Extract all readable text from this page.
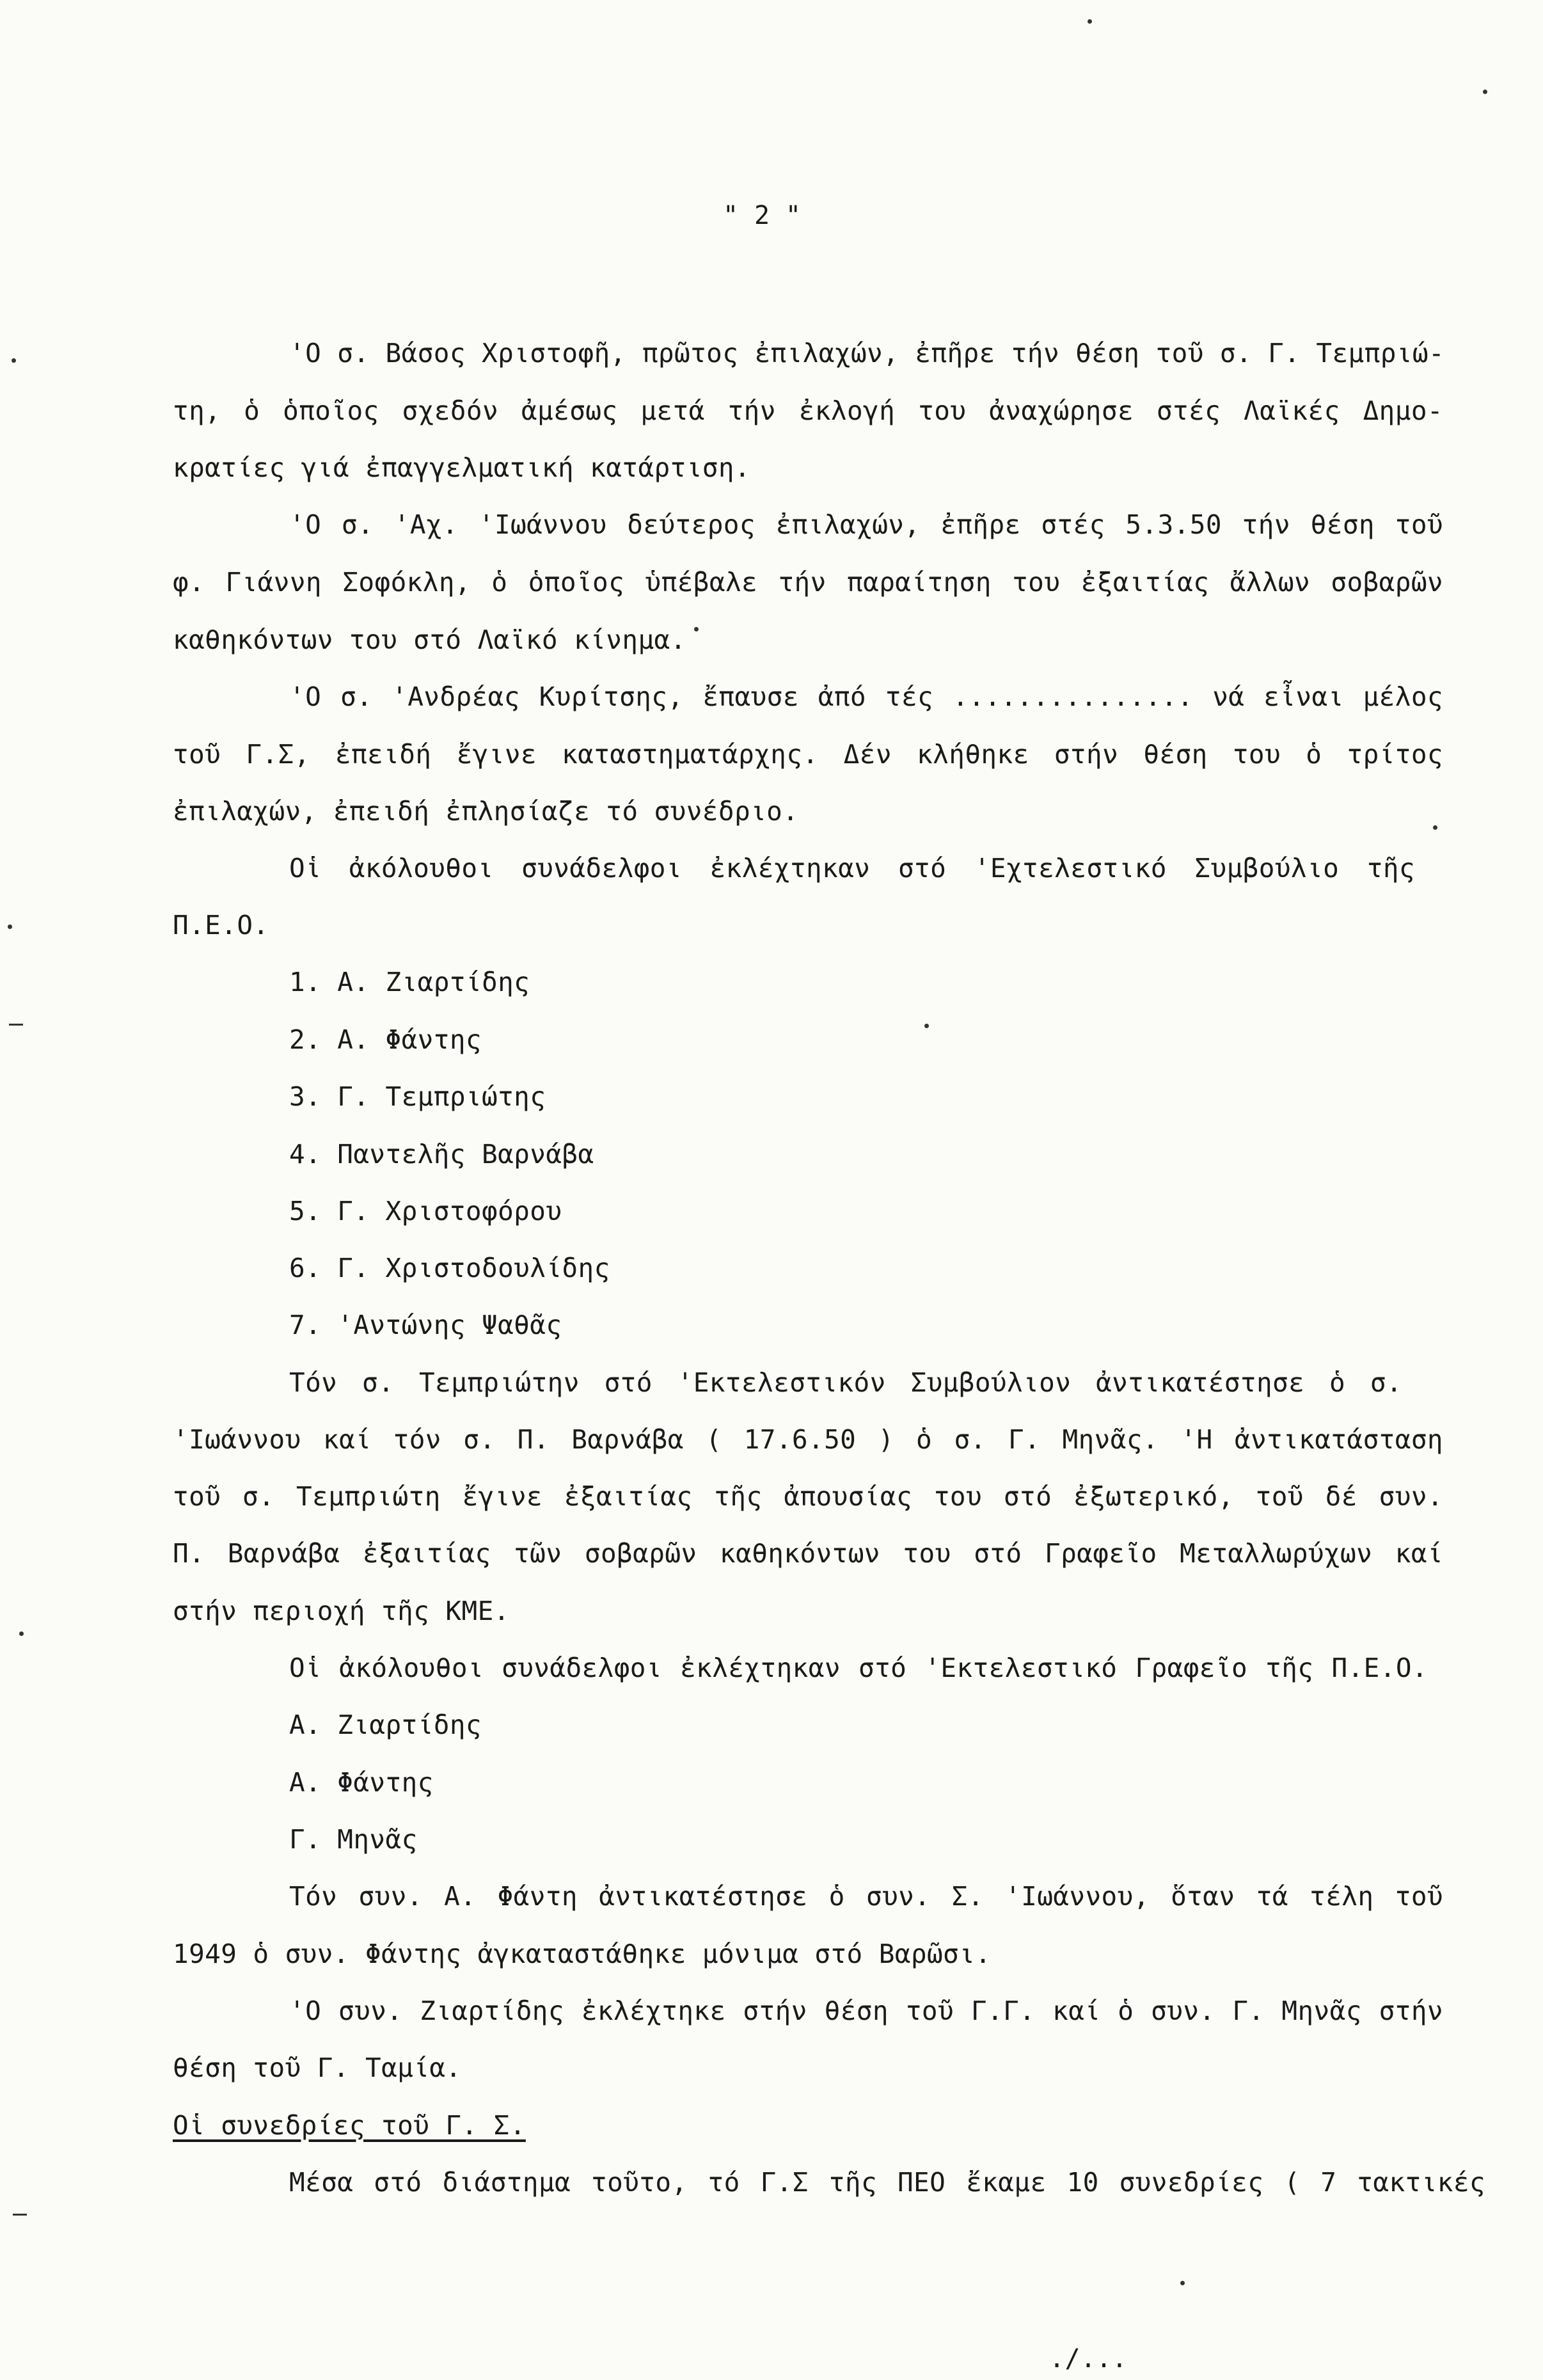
" 2 "
'Ο σ. Βάσος Χριστοφῆ, πρῶτος ἐπιλαχών, ἐπῆρε τήν θέση τοῦ σ. Γ. Τεμπριώ-
τη, ὁ ὁποῖος σχεδόν ἀμέσως μετά τήν ἐκλογή του ἀναχώρησε στές Λαϊκές Δημο-
κρατίες γιά ἐπαγγελματική κατάρτιση.
'Ο σ. 'Αχ. 'Ιωάννου δεύτερος ἐπιλαχών, ἐπῆρε στές 5.3.50 τήν θέση τοῦ
φ. Γιάννη Σοφόκλη, ὁ ὁποῖος ὑπέβαλε τήν παραίτηση του ἐξαιτίας ἄλλων σοβαρῶν
καθηκόντων του στό Λαϊκό κίνημα.
'Ο σ. 'Ανδρέας Κυρίτσης, ἔπαυσε ἀπό τές ............... νά εἶναι μέλος
τοῦ Γ.Σ, ἐπειδή ἔγινε καταστηματάρχης. Δέν κλήθηκε στήν θέση του ὁ τρίτος
ἐπιλαχών, ἐπειδή ἐπλησίαζε τό συνέδριο.
Οἱ ἀκόλουθοι συνάδελφοι ἐκλέχτηκαν στό 'Εχτελεστικό Συμβούλιο τῆς
Π.Ε.Ο.
1. Α. Ζιαρτίδης
2. Α. Φάντης
3. Γ. Τεμπριώτης
4. Παντελῆς Βαρνάβα
5. Γ. Χριστοφόρου
6. Γ. Χριστοδουλίδης
7. 'Αντώνης Ψαθᾶς
Τόν σ. Τεμπριώτην στό 'Εκτελεστικόν Συμβούλιον ἀντικατέστησε ὁ σ.
'Ιωάννου καί τόν σ. Π. Βαρνάβα ( 17.6.50 ) ὁ σ. Γ. Μηνᾶς. 'Η ἀντικατάσταση
τοῦ σ. Τεμπριώτη ἔγινε ἐξαιτίας τῆς ἀπουσίας του στό ἐξωτερικό, τοῦ δέ συν.
Π. Βαρνάβα ἐξαιτίας τῶν σοβαρῶν καθηκόντων του στό Γραφεῖο Μεταλλωρύχων καί
στήν περιοχή τῆς ΚΜΕ.
Οἱ ἀκόλουθοι συνάδελφοι ἐκλέχτηκαν στό 'Εκτελεστικό Γραφεῖο τῆς Π.Ε.Ο.
Α. Ζιαρτίδης
Α. Φάντης
Γ. Μηνᾶς
Τόν συν. Α. Φάντη ἀντικατέστησε ὁ συν. Σ. 'Ιωάννου, ὅταν τά τέλη τοῦ
1949 ὁ συν. Φάντης ἀγκαταστάθηκε μόνιμα στό Βαρῶσι.
'Ο συν. Ζιαρτίδης ἐκλέχτηκε στήν θέση τοῦ Γ.Γ. καί ὁ συν. Γ. Μηνᾶς στήν
θέση τοῦ Γ. Ταμία.
Οἱ συνεδρίες τοῦ Γ. Σ.
Μέσα στό διάστημα τοῦτο, τό Γ.Σ τῆς ΠΕΟ ἔκαμε 10 συνεδρίες ( 7 τακτικές
./...
